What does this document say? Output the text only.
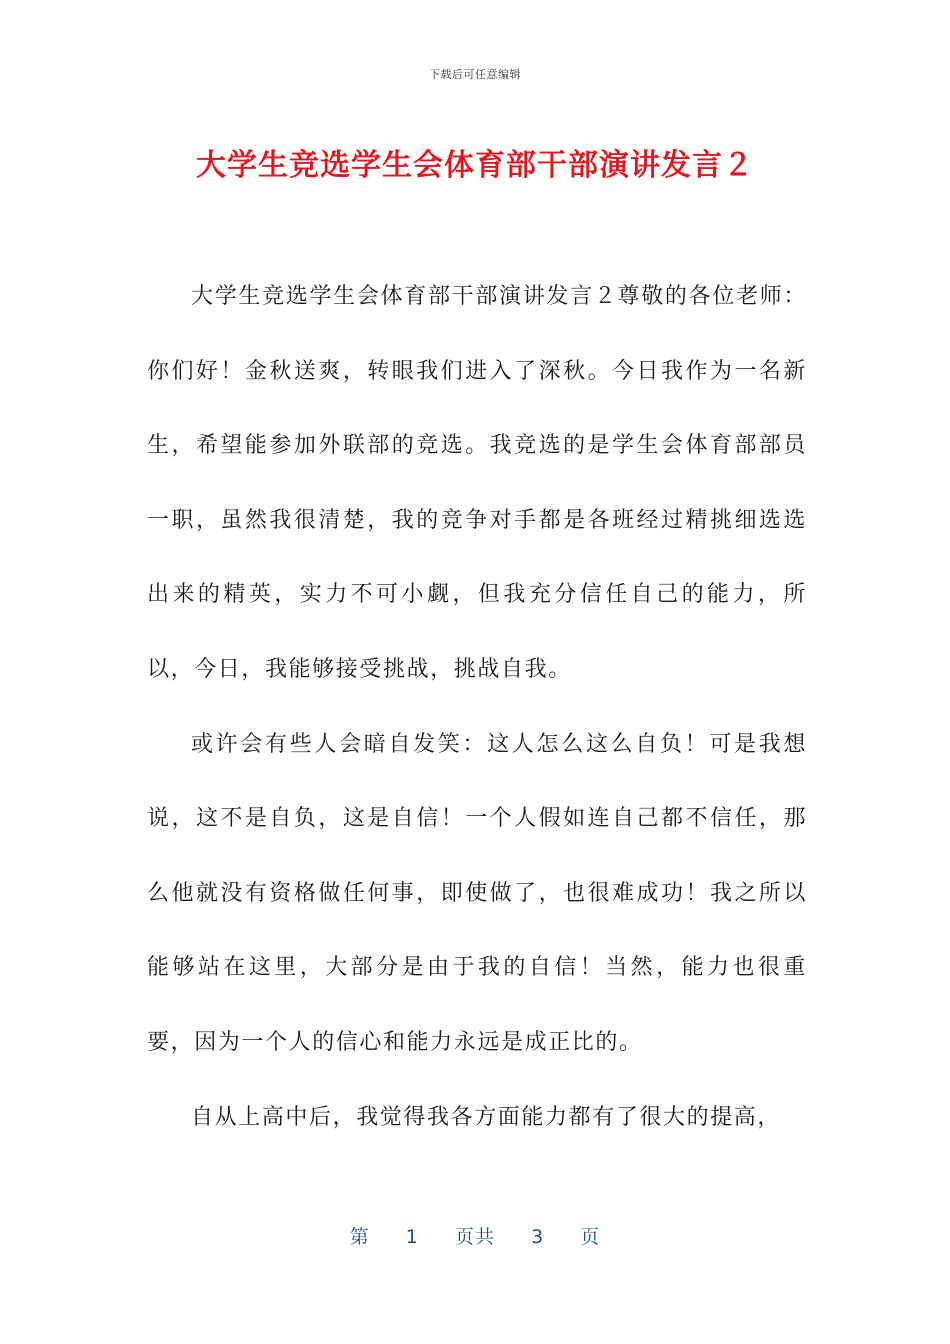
下载后可任意编辑
大学生竞选学生会体育部干部演讲发言２

大学生竞选学生会体育部干部演讲发言２尊敬的各位老师：你们好！金秋送爽，转眼我们进入了深秋。今日我作为一名新生，希望能参加外联部的竞选。我竞选的是学生会体育部部员一职，虽然我很清楚，我的竞争对手都是各班经过精挑细选选出来的精英，实力不可小觑，但我充分信任自己的能力，所以，今日，我能够接受挑战，挑战自我。

或许会有些人会暗自发笑：这人怎么这么自负！可是我想说，这不是自负，这是自信！一个人假如连自己都不信任，那么他就没有资格做任何事，即使做了，也很难成功！我之所以能够站在这里，大部分是由于我的自信！当然，能力也很重要，因为一个人的信心和能力永远是成正比的。

自从上高中后，我觉得我各方面能力都有了很大的提高，

第 1 页共 3 页
